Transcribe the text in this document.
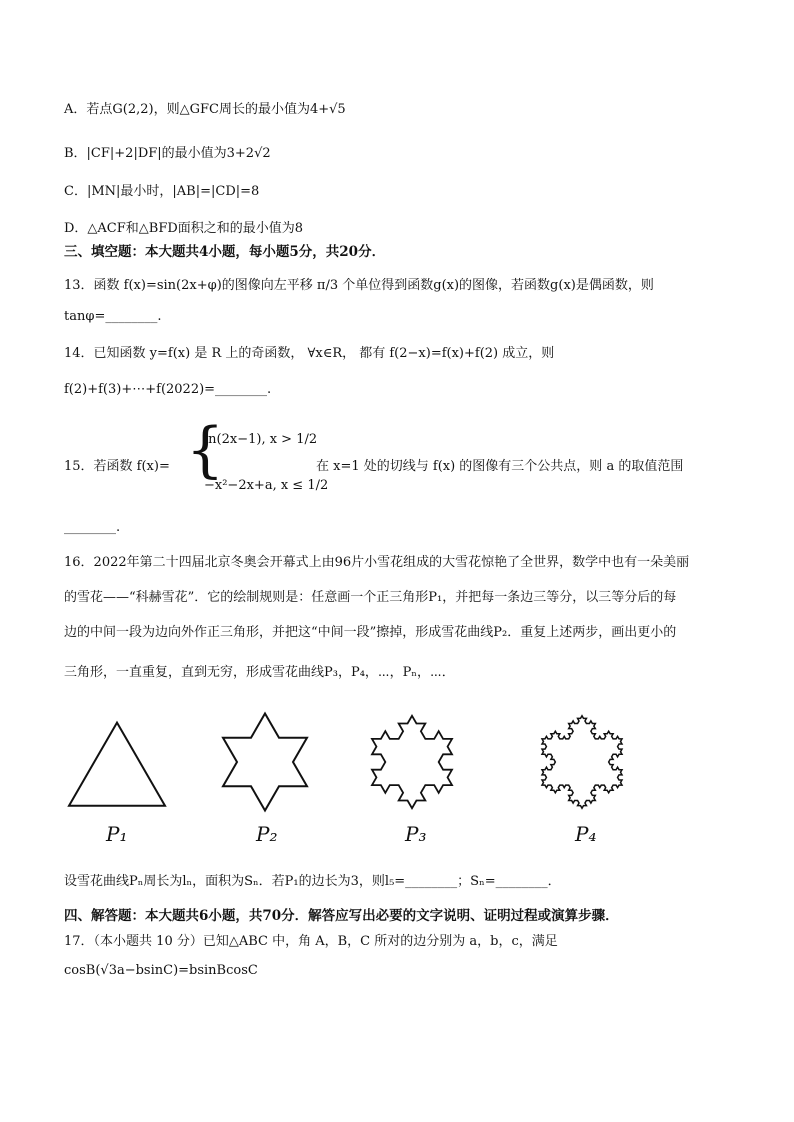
A．若点G(2,2)，则△GFC周长的最小值为4+√5
B．|CF|+2|DF|的最小值为3+2√2
C．|MN|最小时，|AB|=|CD|=8
D．△ACF和△BFD面积之和的最小值为8
三、填空题：本大题共4小题，每小题5分，共20分．
13．函数 f(x)=sin(2x+φ)的图像向左平移 π/3 个单位得到函数g(x)的图像，若函数g(x)是偶函数，则
tanφ=________.
14．已知函数 y=f(x) 是 R 上的奇函数， ∀x∈R， 都有 f(2−x)=f(x)+f(2) 成立，则
f(2)+f(3)+⋯+f(2022)=________.
15．若函数 f(x)= {
ln(2x−1), x > 1/2
−x²−2x+a, x ≤ 1/2
在 x=1 处的切线与 f(x) 的图像有三个公共点，则 a 的取值范围
________.
16．2022年第二十四届北京冬奥会开幕式上由96片小雪花组成的大雪花惊艳了全世界，数学中也有一朵美丽
的雪花——“科赫雪花”．它的绘制规则是：任意画一个正三角形P₁，并把每一条边三等分，以三等分后的每
边的中间一段为边向外作正三角形，并把这“中间一段”擦掉，形成雪花曲线P₂．重复上述两步，画出更小的
三角形，一直重复，直到无穷，形成雪花曲线P₃，P₄，⋯，Pₙ，⋯．
P₁	P₂	P₃	P₄
设雪花曲线Pₙ周长为lₙ，面积为Sₙ．若P₁的边长为3，则l₅=________；Sₙ=________．
四、解答题：本大题共6小题，共70分．解答应写出必要的文字说明、证明过程或演算步骤．
17．（本小题共 10 分）已知△ABC 中，角 A，B，C 所对的边分别为 a，b，c，满足
cosB(√3a−bsinC)=bsinBcosC
